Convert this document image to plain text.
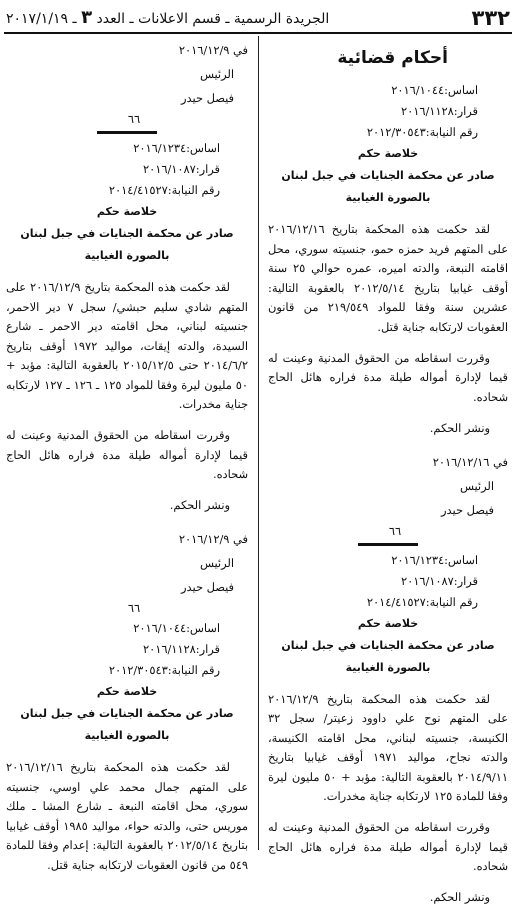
٣٣٢
الجريدة الرسمية ـ قسم الاعلانات ـ العدد ٣ ـ ٢٠١٧/١/١٩
أحكام قضائية
اساس:٢٠١٦/١٠٤٤
قرار:٢٠١٦/١١٢٨
رقم النيابة:٢٠١٢/٣٠٥٤٣
خلاصة حكم
صادر عن محكمة الجنايات في جبل لبنان
بالصورة الغيابية

لقد حكمت هذه المحكمة بتاريخ ٢٠١٦/١٢/١٦ على المتهم فريد حمزه حمو، جنسيته سوري، محل اقامته النبعة، والدته اميره، عمره حوالي ٢٥ سنة أوقف غيابيا بتاريخ ٢٠١٢/٥/١٤ بالعقوبة التالية: عشرين سنة وفقا للمواد ٢١٩/٥٤٩ من قانون العقوبات لارتكابه جناية قتل.

وقررت اسقاطه من الحقوق المدنية وعينت له قيما لإدارة أمواله طيلة مدة فراره هائل الحاج شحاده.

ونشر الحكم.

في ٢٠١٦/١٢/١٦
الرئيس
فيصل حيدر
٦٦
اساس:٢٠١٦/١٢٣٤
قرار:٢٠١٦/١٠٨٧
رقم النيابة:٢٠١٤/٤١٥٢٧
خلاصة حكم
صادر عن محكمة الجنايات في جبل لبنان
بالصورة الغيابية

لقد حكمت هذه المحكمة بتاريخ ٢٠١٦/١٢/٩ على المتهم نوح علي داوود زعيتر/ سجل ٣٢ الكنيسة، جنسيته لبناني، محل اقامته الكنيسة، والدته نجاح، مواليد ١٩٧١ أوقف غيابيا بتاريخ ٢٠١٤/٩/١١ بالعقوبة التالية: مؤبد + ٥٠ مليون ليرة وفقا للمادة ١٢٥ لارتكابه جناية مخدرات.

وقررت اسقاطه من الحقوق المدنية وعينت له قيما لإدارة أمواله طيلة مدة فراره هائل الحاج شحاده.

ونشر الحكم.

في ٢٠١٦/١٢/٩
الرئيس
فيصل حيدر
٦٦
اساس:٢٠١٦/١٢٣٤
قرار:٢٠١٦/١٠٨٧
رقم النيابة:٢٠١٤/٤١٥٢٧
خلاصة حكم
صادر عن محكمة الجنايات في جبل لبنان
بالصورة الغيابية

لقد حكمت هذه المحكمة بتاريخ ٢٠١٦/١٢/٩ على المتهم شادي سليم حبشي/ سجل ٧ دير الاحمر، جنسيته لبناني، محل اقامته دير الاحمر ـ شارع السيدة، والدته إيقات، مواليد ١٩٧٢ أوقف بتاريخ ٢٠١٤/٦/٢ حتى ٢٠١٥/١٢/٥ بالعقوبة التالية: مؤبد + ٥٠ مليون ليرة وفقا للمواد ١٢٥ ـ ١٢٦ ـ ١٢٧ لارتكابه جناية مخدرات.

وقررت اسقاطه من الحقوق المدنية وعينت له قيما لإدارة أمواله طيلة مدة فراره هائل الحاج شحاده.

ونشر الحكم.

في ٢٠١٦/١٢/٩
الرئيس
فيصل حيدر
٦٦
اساس:٢٠١٦/١٠٤٤
قرار:٢٠١٦/١١٢٨
رقم النيابة:٢٠١٢/٣٠٥٤٣
خلاصة حكم
صادر عن محكمة الجنايات في جبل لبنان
بالصورة الغيابية

لقد حكمت هذه المحكمة بتاريخ ٢٠١٦/١٢/١٦ على المتهم جمال محمد علي اوسي، جنسيته سوري، محل اقامته النبعة ـ شارع المشا ـ ملك موريس حتى، والدته حواء، مواليد ١٩٨٥ أوقف غيابيا بتاريخ ٢٠١٢/٥/١٤ بالعقوبة التالية: إعدام وفقا للمادة ٥٤٩ من قانون العقوبات لارتكابه جناية قتل.
